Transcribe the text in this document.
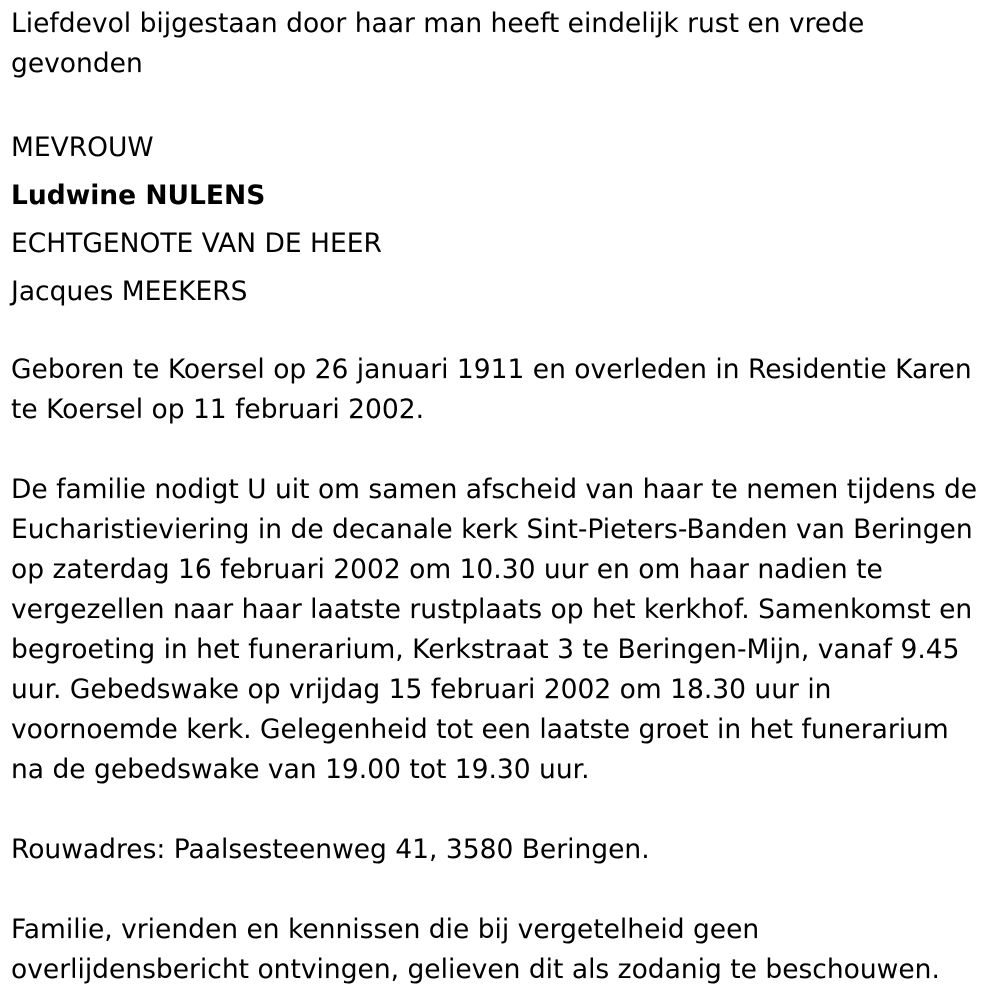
Liefdevol bijgestaan door haar man heeft eindelijk rust en vrede
gevonden

MEVROUW

Ludwine NULENS

ECHTGENOTE VAN DE HEER

Jacques MEEKERS

Geboren te Koersel op 26 januari 1911 en overleden in Residentie Karen
te Koersel op 11 februari 2002.

De familie nodigt U uit om samen afscheid van haar te nemen tijdens de
Eucharistieviering in de decanale kerk Sint-Pieters-Banden van Beringen
op zaterdag 16 februari 2002 om 10.30 uur en om haar nadien te
vergezellen naar haar laatste rustplaats op het kerkhof. Samenkomst en
begroeting in het funerarium, Kerkstraat 3 te Beringen-Mijn, vanaf 9.45
uur. Gebedswake op vrijdag 15 februari 2002 om 18.30 uur in
voornoemde kerk. Gelegenheid tot een laatste groet in het funerarium
na de gebedswake van 19.00 tot 19.30 uur.

Rouwadres: Paalsesteenweg 41, 3580 Beringen.

Familie, vrienden en kennissen die bij vergetelheid geen
overlijdensbericht ontvingen, gelieven dit als zodanig te beschouwen.
